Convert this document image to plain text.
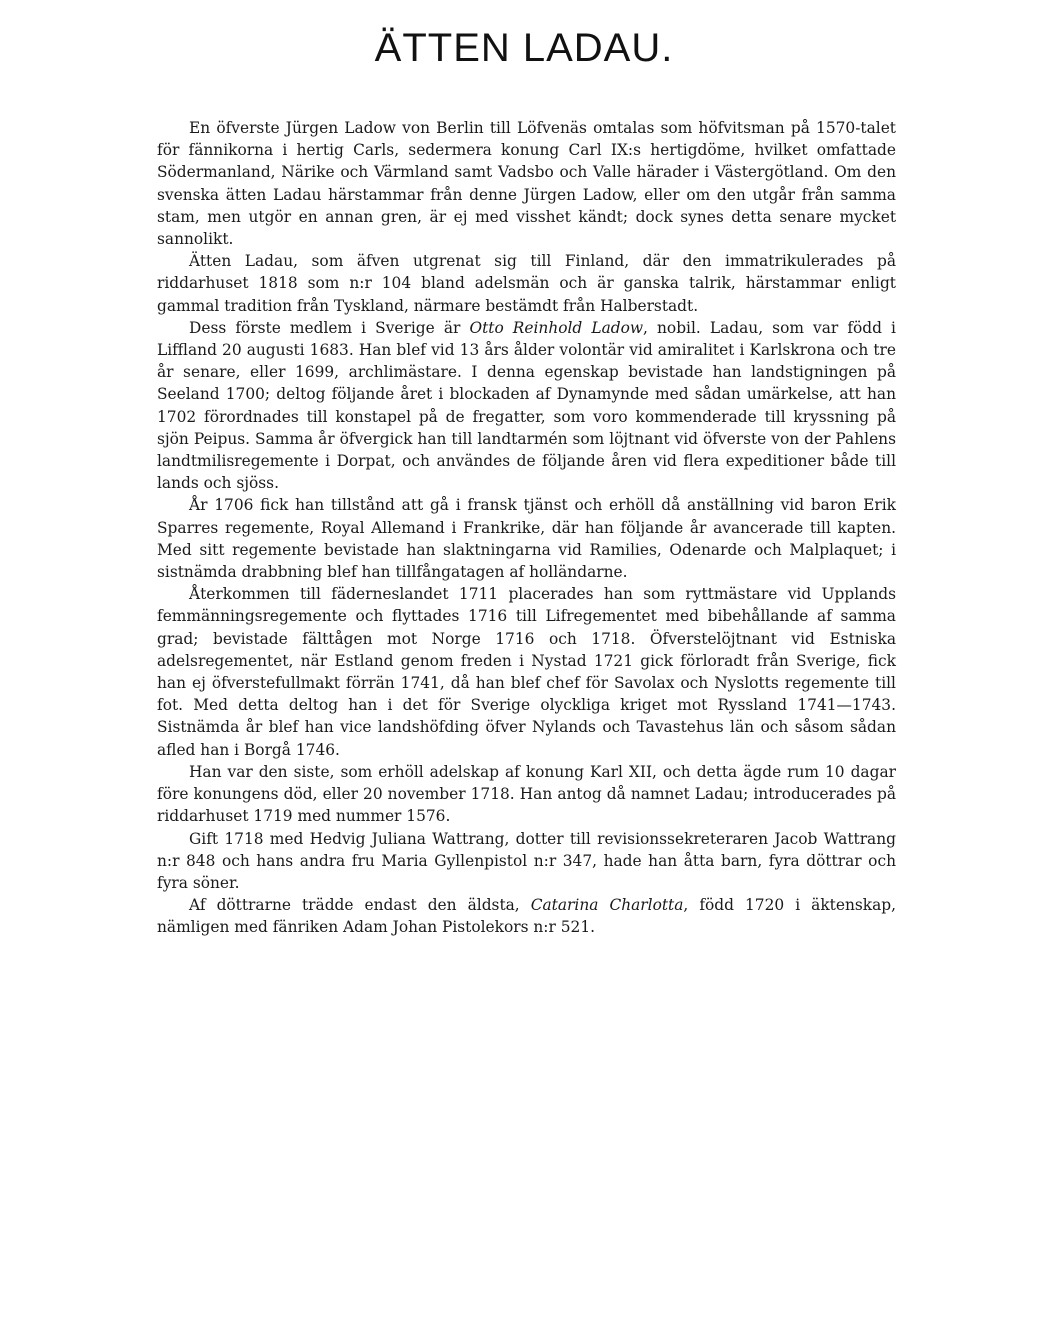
ÄTTEN LADAU.

En öfverste Jürgen Ladow von Berlin till Löfvenäs omtalas som höfvitsman på 1570-talet för fännikorna i hertig Carls, sedermera konung Carl IX:s hertigdöme, hvilket omfattade Södermanland, Närike och Värmland samt Vadsbo och Valle härader i Västergötland. Om den svenska ätten Ladau härstammar från denne Jürgen Ladow, eller om den utgår från samma stam, men utgör en annan gren, är ej med visshet kändt; dock synes detta senare mycket sannolikt.

Ätten Ladau, som äfven utgrenat sig till Finland, där den immatrikulerades på riddarhuset 1818 som n:r 104 bland adelsmän och är ganska talrik, härstammar enligt gammal tradition från Tyskland, närmare bestämdt från Halberstadt.

Dess förste medlem i Sverige är Otto Reinhold Ladow, nobil. Ladau, som var född i Liffland 20 augusti 1683. Han blef vid 13 års ålder volontär vid amiralitet i Karlskrona och tre år senare, eller 1699, archlimästare. I denna egenskap bevistade han landstigningen på Seeland 1700; deltog följande året i blockaden af Dynamynde med sådan umärkelse, att han 1702 förordnades till konstapel på de fregatter, som voro kommenderade till kryssning på sjön Peipus. Samma år öfvergick han till landtarmén som löjtnant vid öfverste von der Pahlens landtmilisregemente i Dorpat, och användes de följande åren vid flera expeditioner både till lands och sjöss.

År 1706 fick han tillstånd att gå i fransk tjänst och erhöll då anställning vid baron Erik Sparres regemente, Royal Allemand i Frankrike, där han följande år avancerade till kapten. Med sitt regemente bevistade han slaktningarna vid Ramilies, Odenarde och Malplaquet; i sistnämda drabbning blef han tillfångatagen af holländarne.

Återkommen till fäderneslandet 1711 placerades han som ryttmästare vid Upplands femmänningsregemente och flyttades 1716 till Lifregementet med bibehållande af samma grad; bevistade fälttågen mot Norge 1716 och 1718. Öfverstelöjtnant vid Estniska adelsregementet, när Estland genom freden i Nystad 1721 gick förloradt från Sverige, fick han ej öfverstefullmakt förrän 1741, då han blef chef för Savolax och Nyslotts regemente till fot. Med detta deltog han i det för Sverige olyckliga kriget mot Ryssland 1741—1743. Sistnämda år blef han vice landshöfding öfver Nylands och Tavastehus län och såsom sådan afled han i Borgå 1746.

Han var den siste, som erhöll adelskap af konung Karl XII, och detta ägde rum 10 dagar före konungens död, eller 20 november 1718. Han antog då namnet Ladau; introducerades på riddarhuset 1719 med nummer 1576.

Gift 1718 med Hedvig Juliana Wattrang, dotter till revisionssekreteraren Jacob Wattrang n:r 848 och hans andra fru Maria Gyllenpistol n:r 347, hade han åtta barn, fyra döttrar och fyra söner.

Af döttrarne trädde endast den äldsta, Catarina Charlotta, född 1720 i äktenskap, nämligen med fänriken Adam Johan Pistolekors n:r 521.
